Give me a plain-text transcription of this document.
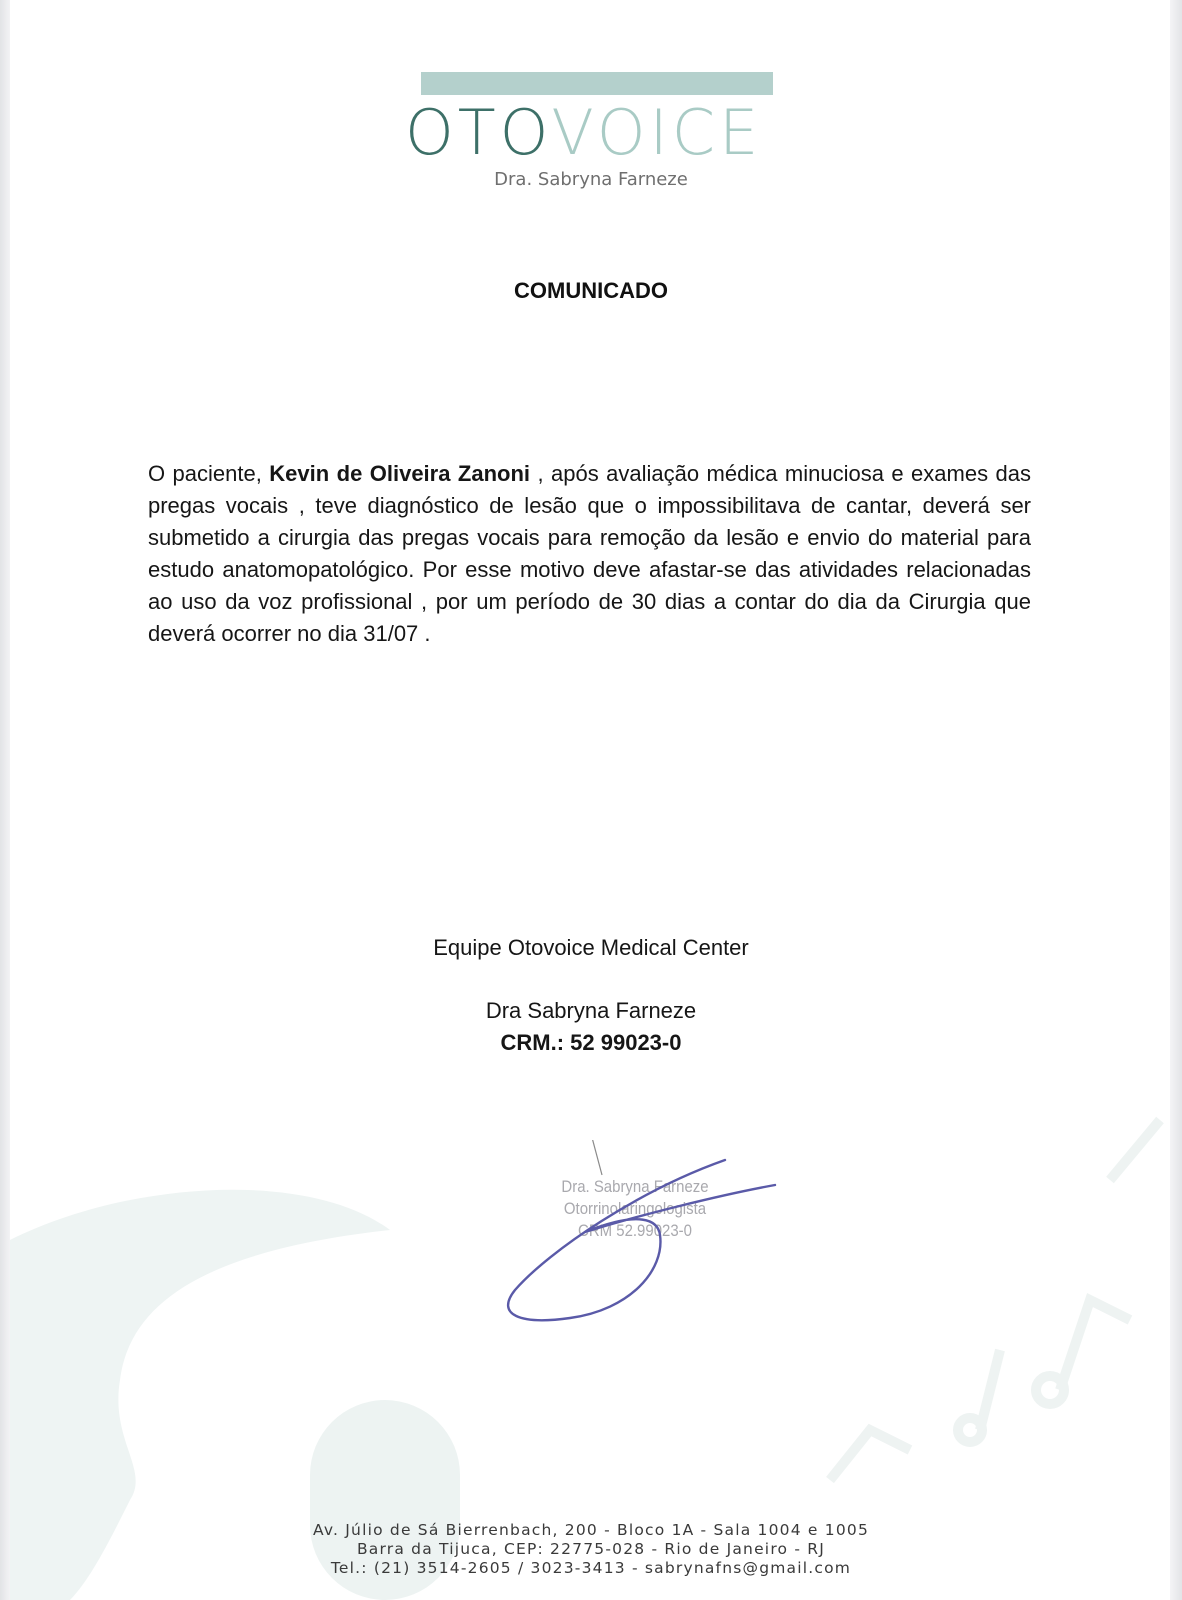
OTOVOICE
Dra. Sabryna Farneze
COMUNICADO
O paciente, Kevin de Oliveira Zanoni , após avaliação médica minuciosa e exames das pregas vocais , teve diagnóstico de lesão que o impossibilitava de cantar, deverá ser submetido a cirurgia das pregas vocais para remoção da lesão e envio do material para estudo anatomopatológico. Por esse motivo deve afastar-se das atividades relacionadas ao uso da voz profissional , por um período de 30 dias a contar do dia da Cirurgia que deverá ocorrer no dia 31/07 .
Equipe Otovoice Medical Center
Dra Sabryna Farneze
CRM.: 52 99023-0
Dra. Sabryna Farneze
Otorrinolaringologista
CRM 52.99023-0
Av. Júlio de Sá Bierrenbach, 200 - Bloco 1A - Sala 1004 e 1005
Barra da Tijuca, CEP: 22775-028 - Rio de Janeiro - RJ
Tel.: (21) 3514-2605 / 3023-3413 - sabrynafns@gmail.com
